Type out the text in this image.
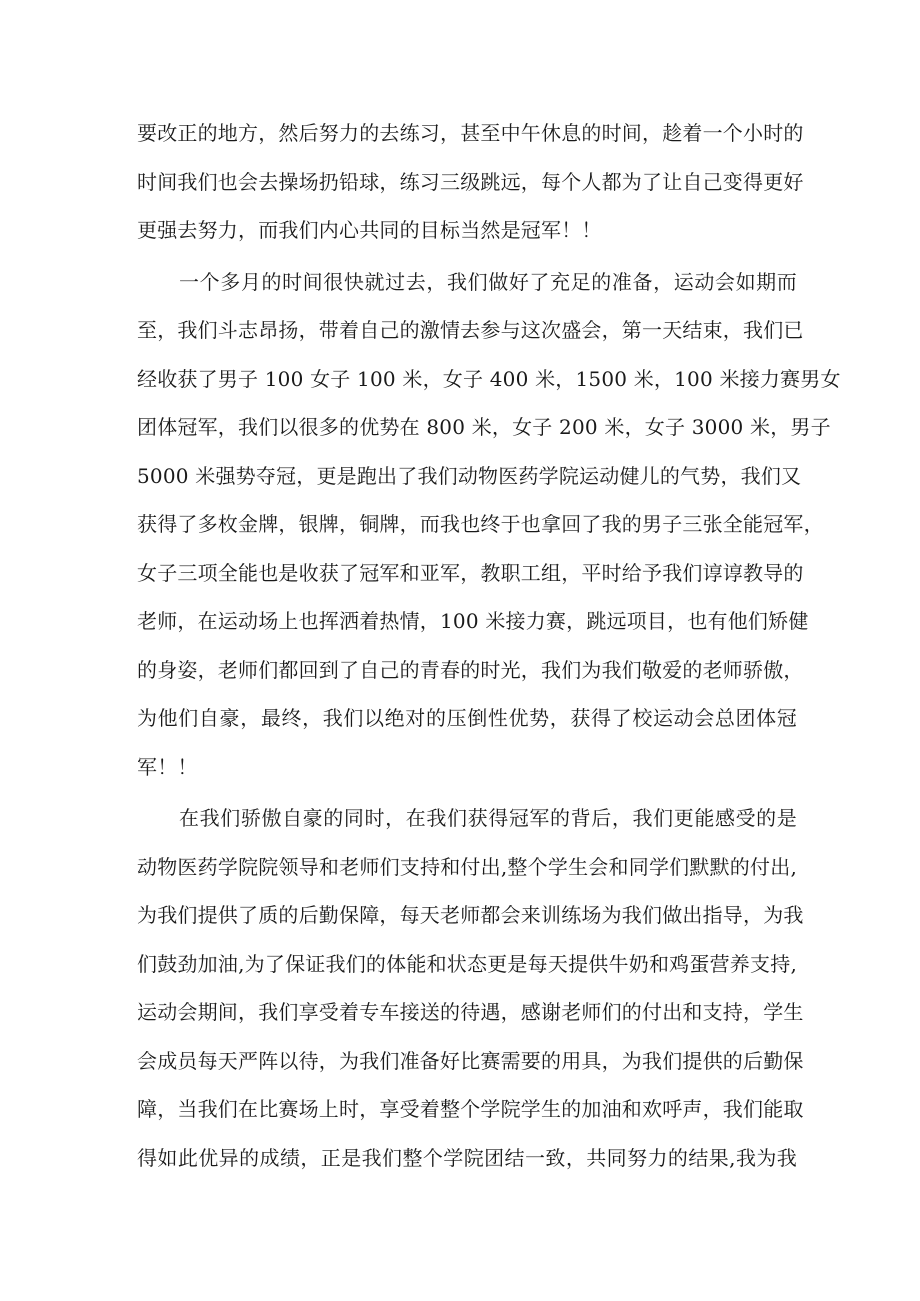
要改正的地方，然后努力的去练习，甚至中午休息的时间，趁着一个小时的
时间我们也会去操场扔铅球，练习三级跳远，每个人都为了让自己变得更好
更强去努力，而我们内心共同的目标当然是冠军！！
一个多月的时间很快就过去，我们做好了充足的准备，运动会如期而
至，我们斗志昂扬，带着自己的激情去参与这次盛会，第一天结束，我们已
经收获了男子 100 女子 100 米，女子 400 米，1500 米，100 米接力赛男女
团体冠军，我们以很多的优势在 800 米，女子 200 米，女子 3000 米，男子
5000 米强势夺冠，更是跑出了我们动物医药学院运动健儿的气势，我们又
获得了多枚金牌，银牌，铜牌，而我也终于也拿回了我的男子三张全能冠军，
女子三项全能也是收获了冠军和亚军，教职工组，平时给予我们谆谆教导的
老师，在运动场上也挥洒着热情，100 米接力赛，跳远项目，也有他们矫健
的身姿，老师们都回到了自己的青春的时光，我们为我们敬爱的老师骄傲，
为他们自豪，最终，我们以绝对的压倒性优势，获得了校运动会总团体冠
军！！
在我们骄傲自豪的同时，在我们获得冠军的背后，我们更能感受的是
动物医药学院院领导和老师们支持和付出,整个学生会和同学们默默的付出,
为我们提供了质的后勤保障，每天老师都会来训练场为我们做出指导，为我
们鼓劲加油,为了保证我们的体能和状态更是每天提供牛奶和鸡蛋营养支持,
运动会期间，我们享受着专车接送的待遇，感谢老师们的付出和支持，学生
会成员每天严阵以待，为我们准备好比赛需要的用具，为我们提供的后勤保
障，当我们在比赛场上时，享受着整个学院学生的加油和欢呼声，我们能取
得如此优异的成绩，正是我们整个学院团结一致，共同努力的结果,我为我
